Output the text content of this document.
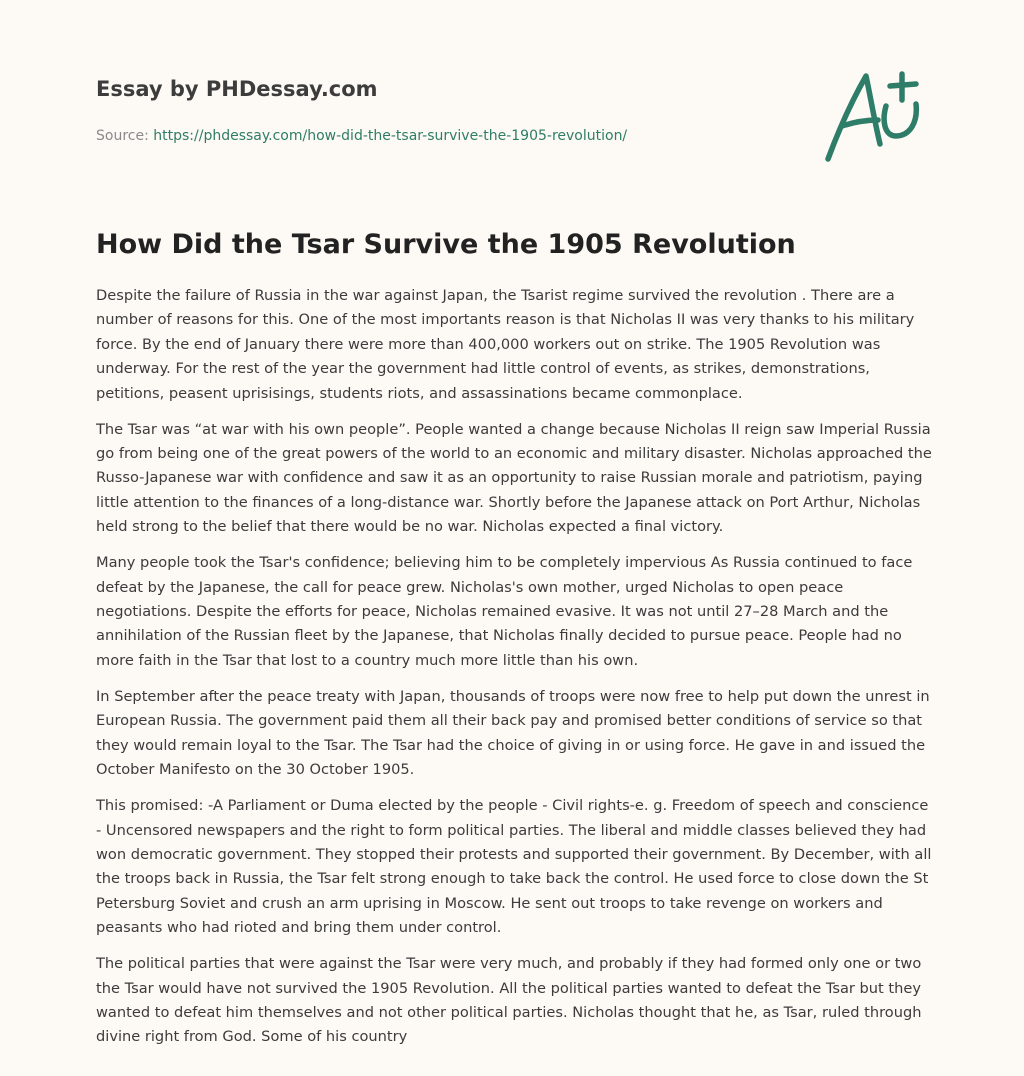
Essay by PHDessay.com
Source: https://phdessay.com/how-did-the-tsar-survive-the-1905-revolution/
How Did the Tsar Survive the 1905 Revolution

Despite the failure of Russia in the war against Japan, the Tsarist regime survived the revolution . There are a number of reasons for this. One of the most importants reason is that Nicholas II was very thanks to his military force. By the end of January there were more than 400,000 workers out on strike. The 1905 Revolution was underway. For the rest of the year the government had little control of events, as strikes, demonstrations, petitions, peasent uprisisings, students riots, and assassinations became commonplace.

The Tsar was “at war with his own people”. People wanted a change because Nicholas II reign saw Imperial Russia go from being one of the great powers of the world to an economic and military disaster. Nicholas approached the Russo-Japanese war with confidence and saw it as an opportunity to raise Russian morale and patriotism, paying little attention to the finances of a long-distance war. Shortly before the Japanese attack on Port Arthur, Nicholas held strong to the belief that there would be no war. Nicholas expected a final victory.

Many people took the Tsar's confidence; believing him to be completely impervious As Russia continued to face defeat by the Japanese, the call for peace grew. Nicholas's own mother, urged Nicholas to open peace negotiations. Despite the efforts for peace, Nicholas remained evasive. It was not until 27–28 March and the annihilation of the Russian fleet by the Japanese, that Nicholas finally decided to pursue peace. People had no more faith in the Tsar that lost to a country much more little than his own.

In September after the peace treaty with Japan, thousands of troops were now free to help put down the unrest in European Russia. The government paid them all their back pay and promised better conditions of service so that they would remain loyal to the Tsar. The Tsar had the choice of giving in or using force. He gave in and issued the October Manifesto on the 30 October 1905.

This promised: -A Parliament or Duma elected by the people - Civil rights-e. g. Freedom of speech and conscience - Uncensored newspapers and the right to form political parties. The liberal and middle classes believed they had won democratic government. They stopped their protests and supported their government. By December, with all the troops back in Russia, the Tsar felt strong enough to take back the control. He used force to close down the St Petersburg Soviet and crush an arm uprising in Moscow. He sent out troops to take revenge on workers and peasants who had rioted and bring them under control.

The political parties that were against the Tsar were very much, and probably if they had formed only one or two the Tsar would have not survived the 1905 Revolution. All the political parties wanted to defeat the Tsar but they wanted to defeat him themselves and not other political parties. Nicholas thought that he, as Tsar, ruled through divine right from God. Some of his country
